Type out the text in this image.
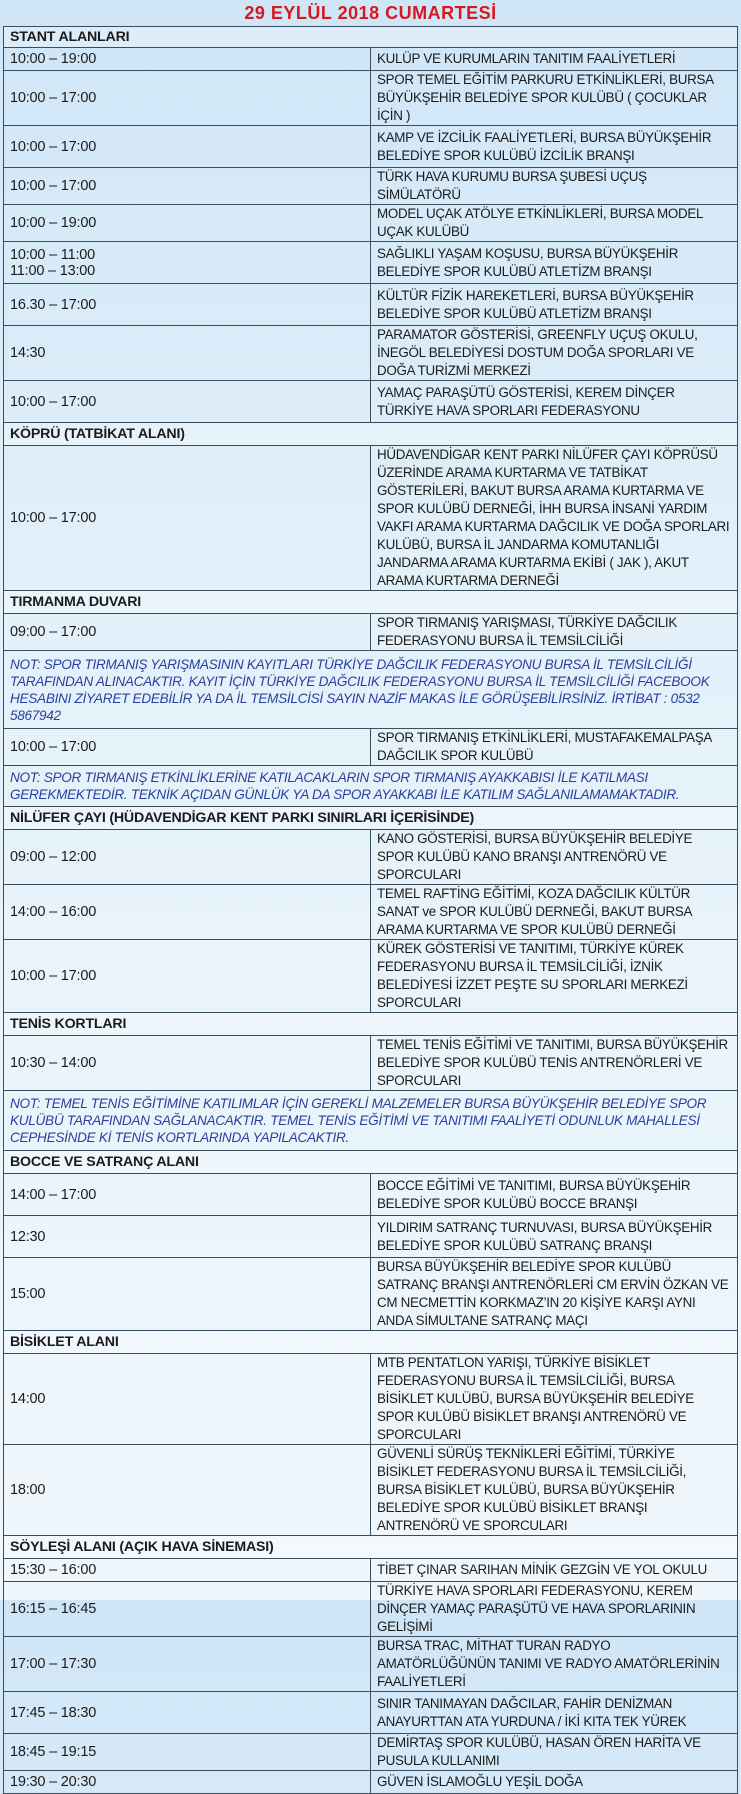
29 EYLÜL 2018 CUMARTESİ
STANT ALANLARI	
10:00 – 19:00	KULÜP VE KURUMLARIN TANITIM FAALİYETLERİ
10:00 – 17:00	SPOR TEMEL EĞİTİM PARKURU ETKİNLİKLERİ, BURSA BÜYÜKŞEHİR BELEDİYE SPOR KULÜBÜ ( ÇOCUKLAR İÇİN )
10:00 – 17:00	KAMP VE İZCİLİK FAALİYETLERİ, BURSA BÜYÜKŞEHİR BELEDİYE SPOR KULÜBÜ İZCİLİK BRANŞI
10:00 – 17:00	TÜRK HAVA KURUMU BURSA ŞUBESİ UÇUŞ SİMÜLATÖRÜ
10:00 – 19:00	MODEL UÇAK ATÖLYE ETKİNLİKLERİ, BURSA MODEL UÇAK KULÜBÜ

10:00 – 11:00
11:00 – 13:00	SAĞLIKLI YAŞAM KOŞUSU, BURSA BÜYÜKŞEHİR BELEDİYE SPOR KULÜBÜ ATLETİZM BRANŞI
16.30 – 17:00	KÜLTÜR FİZİK HAREKETLERİ, BURSA BÜYÜKŞEHİR BELEDİYE SPOR KULÜBÜ ATLETİZM BRANŞI
14:30	PARAMATOR GÖSTERİSİ, GREENFLY UÇUŞ OKULU, İNEGÖL BELEDİYESİ DOSTUM DOĞA SPORLARI VE DOĞA TURİZMİ MERKEZİ
10:00 – 17:00	YAMAÇ PARAŞÜTÜ GÖSTERİSİ, KEREM DİNÇER TÜRKİYE HAVA SPORLARI FEDERASYONU
KÖPRÜ (TATBİKAT ALANI)	
10:00 – 17:00	HÜDAVENDİGAR KENT PARKI NİLÜFER ÇAYI KÖPRÜSÜ ÜZERİNDE ARAMA KURTARMA VE TATBİKAT GÖSTERİLERİ, BAKUT BURSA ARAMA KURTARMA VE SPOR KULÜBÜ DERNEĞİ, İHH BURSA İNSANİ YARDIM VAKFI ARAMA KURTARMA DAĞCILIK VE DOĞA SPORLARI KULÜBÜ, BURSA İL JANDARMA KOMUTANLIĞI JANDARMA ARAMA KURTARMA EKİBİ ( JAK ), AKUT ARAMA KURTARMA DERNEĞİ
TIRMANMA DUVARI	
09:00 – 17:00	SPOR TIRMANIŞ YARIŞMASI, TÜRKİYE DAĞCILIK FEDERASYONU BURSA İL TEMSİLCİLİĞİ
NOT: SPOR TIRMANIŞ YARIŞMASININ KAYITLARI TÜRKİYE DAĞCILIK FEDERASYONU BURSA İL TEMSİLCİLİĞİ TARAFINDAN ALINACAKTIR. KAYIT İÇİN TÜRKİYE DAĞCILIK FEDERASYONU BURSA İL TEMSİLCİLİĞİ FACEBOOK HESABINI ZİYARET EDEBİLİR YA DA İL TEMSİLCİSİ SAYIN NAZİF MAKAS İLE GÖRÜŞEBİLİRSİNİZ. İRTİBAT : 0532 5867942	
10:00 – 17:00	SPOR TIRMANIŞ ETKİNLİKLERİ, MUSTAFAKEMALPAŞA DAĞCILIK SPOR KULÜBÜ
NOT: SPOR TIRMANIŞ ETKİNLİKLERİNE KATILACAKLARIN SPOR TIRMANIŞ AYAKKABISI İLE KATILMASI GEREKMEKTEDİR. TEKNİK AÇIDAN GÜNLÜK YA DA SPOR AYAKKABI İLE KATILIM SAĞLANILAMAMAKTADIR.	
NİLÜFER ÇAYI (HÜDAVENDİGAR KENT PARKI SINIRLARI İÇERİSİNDE)	
09:00 – 12:00	KANO GÖSTERİSİ, BURSA BÜYÜKŞEHİR BELEDİYE SPOR KULÜBÜ KANO BRANŞI ANTRENÖRÜ VE SPORCULARI
14:00 – 16:00	TEMEL RAFTİNG EĞİTİMİ, KOZA DAĞCILIK KÜLTÜR SANAT ve SPOR KULÜBÜ DERNEĞİ, BAKUT BURSA ARAMA KURTARMA VE SPOR KULÜBÜ DERNEĞİ
10:00 – 17:00	KÜREK GÖSTERİSİ VE TANITIMI, TÜRKİYE KÜREK FEDERASYONU BURSA İL TEMSİLCİLİĞİ, İZNİK BELEDİYESİ İZZET PEŞTE SU SPORLARI MERKEZİ SPORCULARI
TENİS KORTLARI	
10:30 – 14:00	TEMEL TENİS EĞİTİMİ VE TANITIMI, BURSA BÜYÜKŞEHİR BELEDİYE SPOR KULÜBÜ TENİS ANTRENÖRLERİ VE SPORCULARI
NOT: TEMEL TENİS EĞİTİMİNE KATILIMLAR İÇİN GEREKLİ MALZEMELER BURSA BÜYÜKŞEHİR BELEDİYE SPOR KULÜBÜ TARAFINDAN SAĞLANACAKTIR. TEMEL TENİS EĞİTİMİ VE TANITIMI FAALİYETİ ODUNLUK MAHALLESİ CEPHESİNDE Kİ TENİS KORTLARINDA YAPILACAKTIR.	
BOCCE VE SATRANÇ ALANI	
14:00 – 17:00	BOCCE EĞİTİMİ VE TANITIMI, BURSA BÜYÜKŞEHİR BELEDİYE SPOR KULÜBÜ BOCCE BRANŞI
12:30	YILDIRIM SATRANÇ TURNUVASI, BURSA BÜYÜKŞEHİR BELEDİYE SPOR KULÜBÜ SATRANÇ BRANŞI
15:00	BURSA BÜYÜKŞEHİR BELEDİYE SPOR KULÜBÜ SATRANÇ BRANŞI ANTRENÖRLERİ CM ERVİN ÖZKAN VE CM NECMETTİN KORKMAZ’IN 20 KİŞİYE KARŞI AYNI ANDA SİMULTANE SATRANÇ MAÇI
BİSİKLET ALANI	
14:00	MTB PENTATLON YARIŞI, TÜRKİYE BİSİKLET FEDERASYONU BURSA İL TEMSİLCİLİĞİ, BURSA BİSİKLET KULÜBÜ, BURSA BÜYÜKŞEHİR BELEDİYE SPOR KULÜBÜ BİSİKLET BRANŞI ANTRENÖRÜ VE SPORCULARI
18:00	GÜVENLİ SÜRÜŞ TEKNİKLERİ EĞİTİMİ, TÜRKİYE BİSİKLET FEDERASYONU BURSA İL TEMSİLCİLİĞİ, BURSA BİSİKLET KULÜBÜ, BURSA BÜYÜKŞEHİR BELEDİYE SPOR KULÜBÜ BİSİKLET BRANŞI ANTRENÖRÜ VE SPORCULARI
SÖYLEŞİ ALANI (AÇIK HAVA SİNEMASI)	
15:30 – 16:00	TİBET ÇINAR SARIHAN MİNİK GEZGİN VE YOL OKULU
16:15 – 16:45	TÜRKİYE HAVA SPORLARI FEDERASYONU, KEREM DİNÇER YAMAÇ PARAŞÜTÜ VE HAVA SPORLARININ GELİŞİMİ
17:00 – 17:30	BURSA TRAC, MİTHAT TURAN RADYO AMATÖRLÜĞÜNÜN TANIMI VE RADYO AMATÖRLERİNİN FAALİYETLERİ
17:45 – 18:30	SINIR TANIMAYAN DAĞCILAR, FAHİR DENİZMAN ANAYURTTAN ATA YURDUNA / İKİ KITA TEK YÜREK
18:45 – 19:15	DEMİRTAŞ SPOR KULÜBÜ, HASAN ÖREN HARİTA VE PUSULA KULLANIMI
19:30 – 20:30	GÜVEN İSLAMOĞLU YEŞİL DOĞA
